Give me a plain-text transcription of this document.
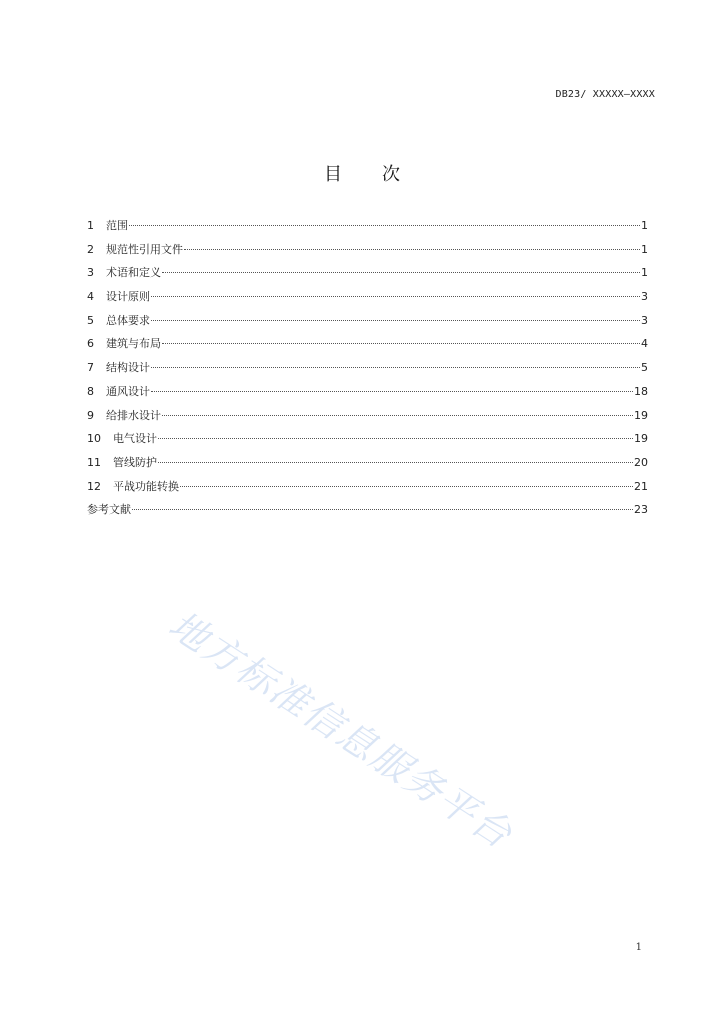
DB23/ XXXXX—XXXX
目 次
1	范围	1
2	规范性引用文件	1
3	术语和定义	1
4	设计原则	3
5	总体要求	3
6	建筑与布局	4
7	结构设计	5
8	通风设计	18
9	给排水设计	19
10	电气设计	19
11	管线防护	20
12	平战功能转换	21
参考文献	23
地方标准信息服务平台
1
